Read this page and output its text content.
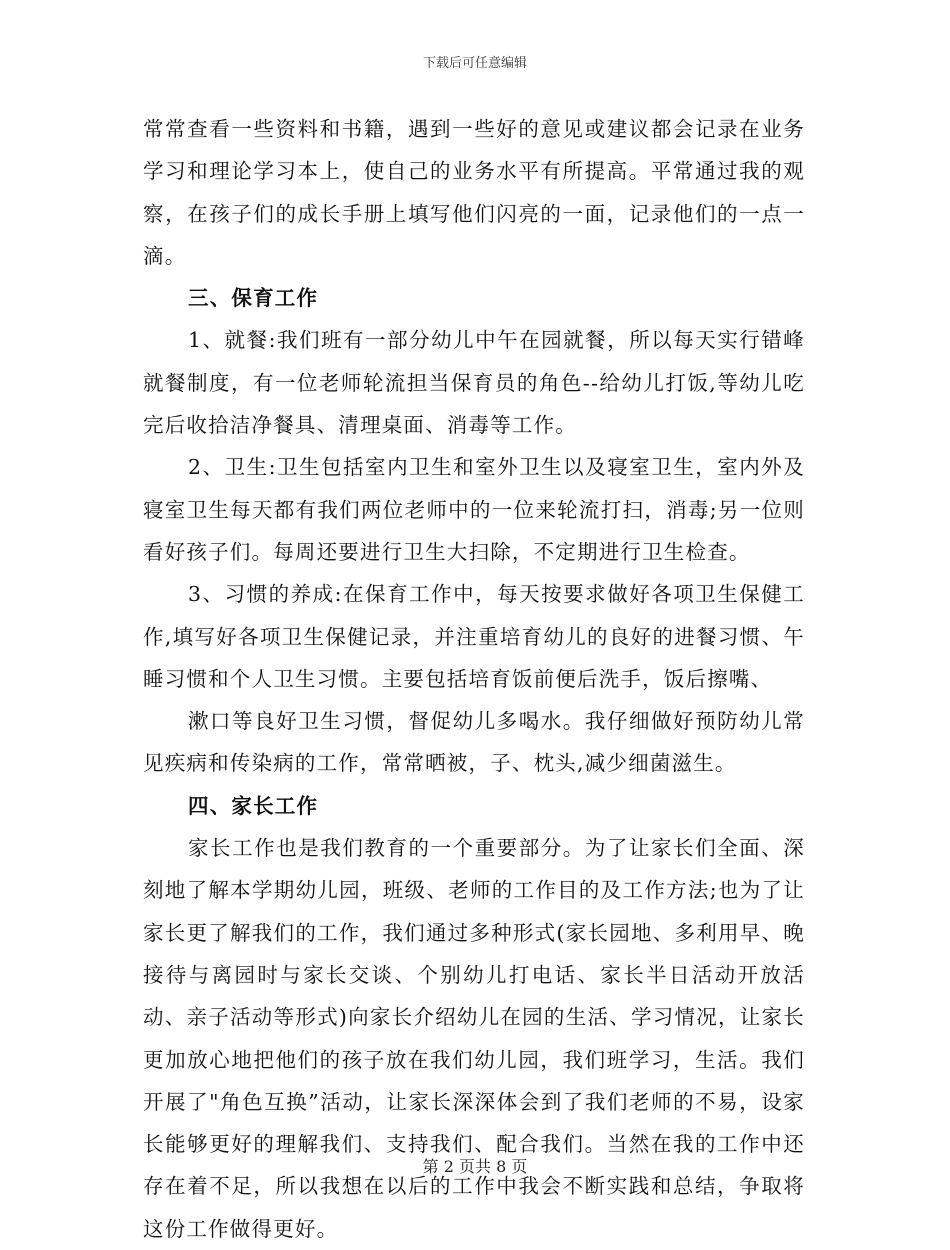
下载后可任意编辑

常常查看一些资料和书籍，遇到一些好的意见或建议都会记录在业务学习和理论学习本上，使自己的业务水平有所提高。平常通过我的观察，在孩子们的成长手册上填写他们闪亮的一面，记录他们的一点一滴。

三、保育工作

1、就餐:我们班有一部分幼儿中午在园就餐，所以每天实行错峰就餐制度，有一位老师轮流担当保育员的角色--给幼儿打饭,等幼儿吃完后收拾洁净餐具、清理桌面、消毒等工作。

2、卫生:卫生包括室内卫生和室外卫生以及寝室卫生，室内外及寝室卫生每天都有我们两位老师中的一位来轮流打扫，消毒;另一位则看好孩子们。每周还要进行卫生大扫除，不定期进行卫生检查。

3、习惯的养成:在保育工作中，每天按要求做好各项卫生保健工作,填写好各项卫生保健记录，并注重培育幼儿的良好的进餐习惯、午睡习惯和个人卫生习惯。主要包括培育饭前便后洗手，饭后擦嘴、

漱口等良好卫生习惯，督促幼儿多喝水。我仔细做好预防幼儿常见疾病和传染病的工作，常常晒被，子、枕头,减少细菌滋生。

四、家长工作

家长工作也是我们教育的一个重要部分。为了让家长们全面、深刻地了解本学期幼儿园，班级、老师的工作目的及工作方法;也为了让家长更了解我们的工作，我们通过多种形式(家长园地、多利用早、晚接待与离园时与家长交谈、个别幼儿打电话、家长半日活动开放活动、亲子活动等形式)向家长介绍幼儿在园的生活、学习情况，让家长更加放心地把他们的孩子放在我们幼儿园，我们班学习，生活。我们开展了"角色互换”活动，让家长深深体会到了我们老师的不易，设家长能够更好的理解我们、支持我们、配合我们。当然在我的工作中还存在着不足，所以我想在以后的工作中我会不断实践和总结，争取将这份工作做得更好。

第 2 页共 8 页
